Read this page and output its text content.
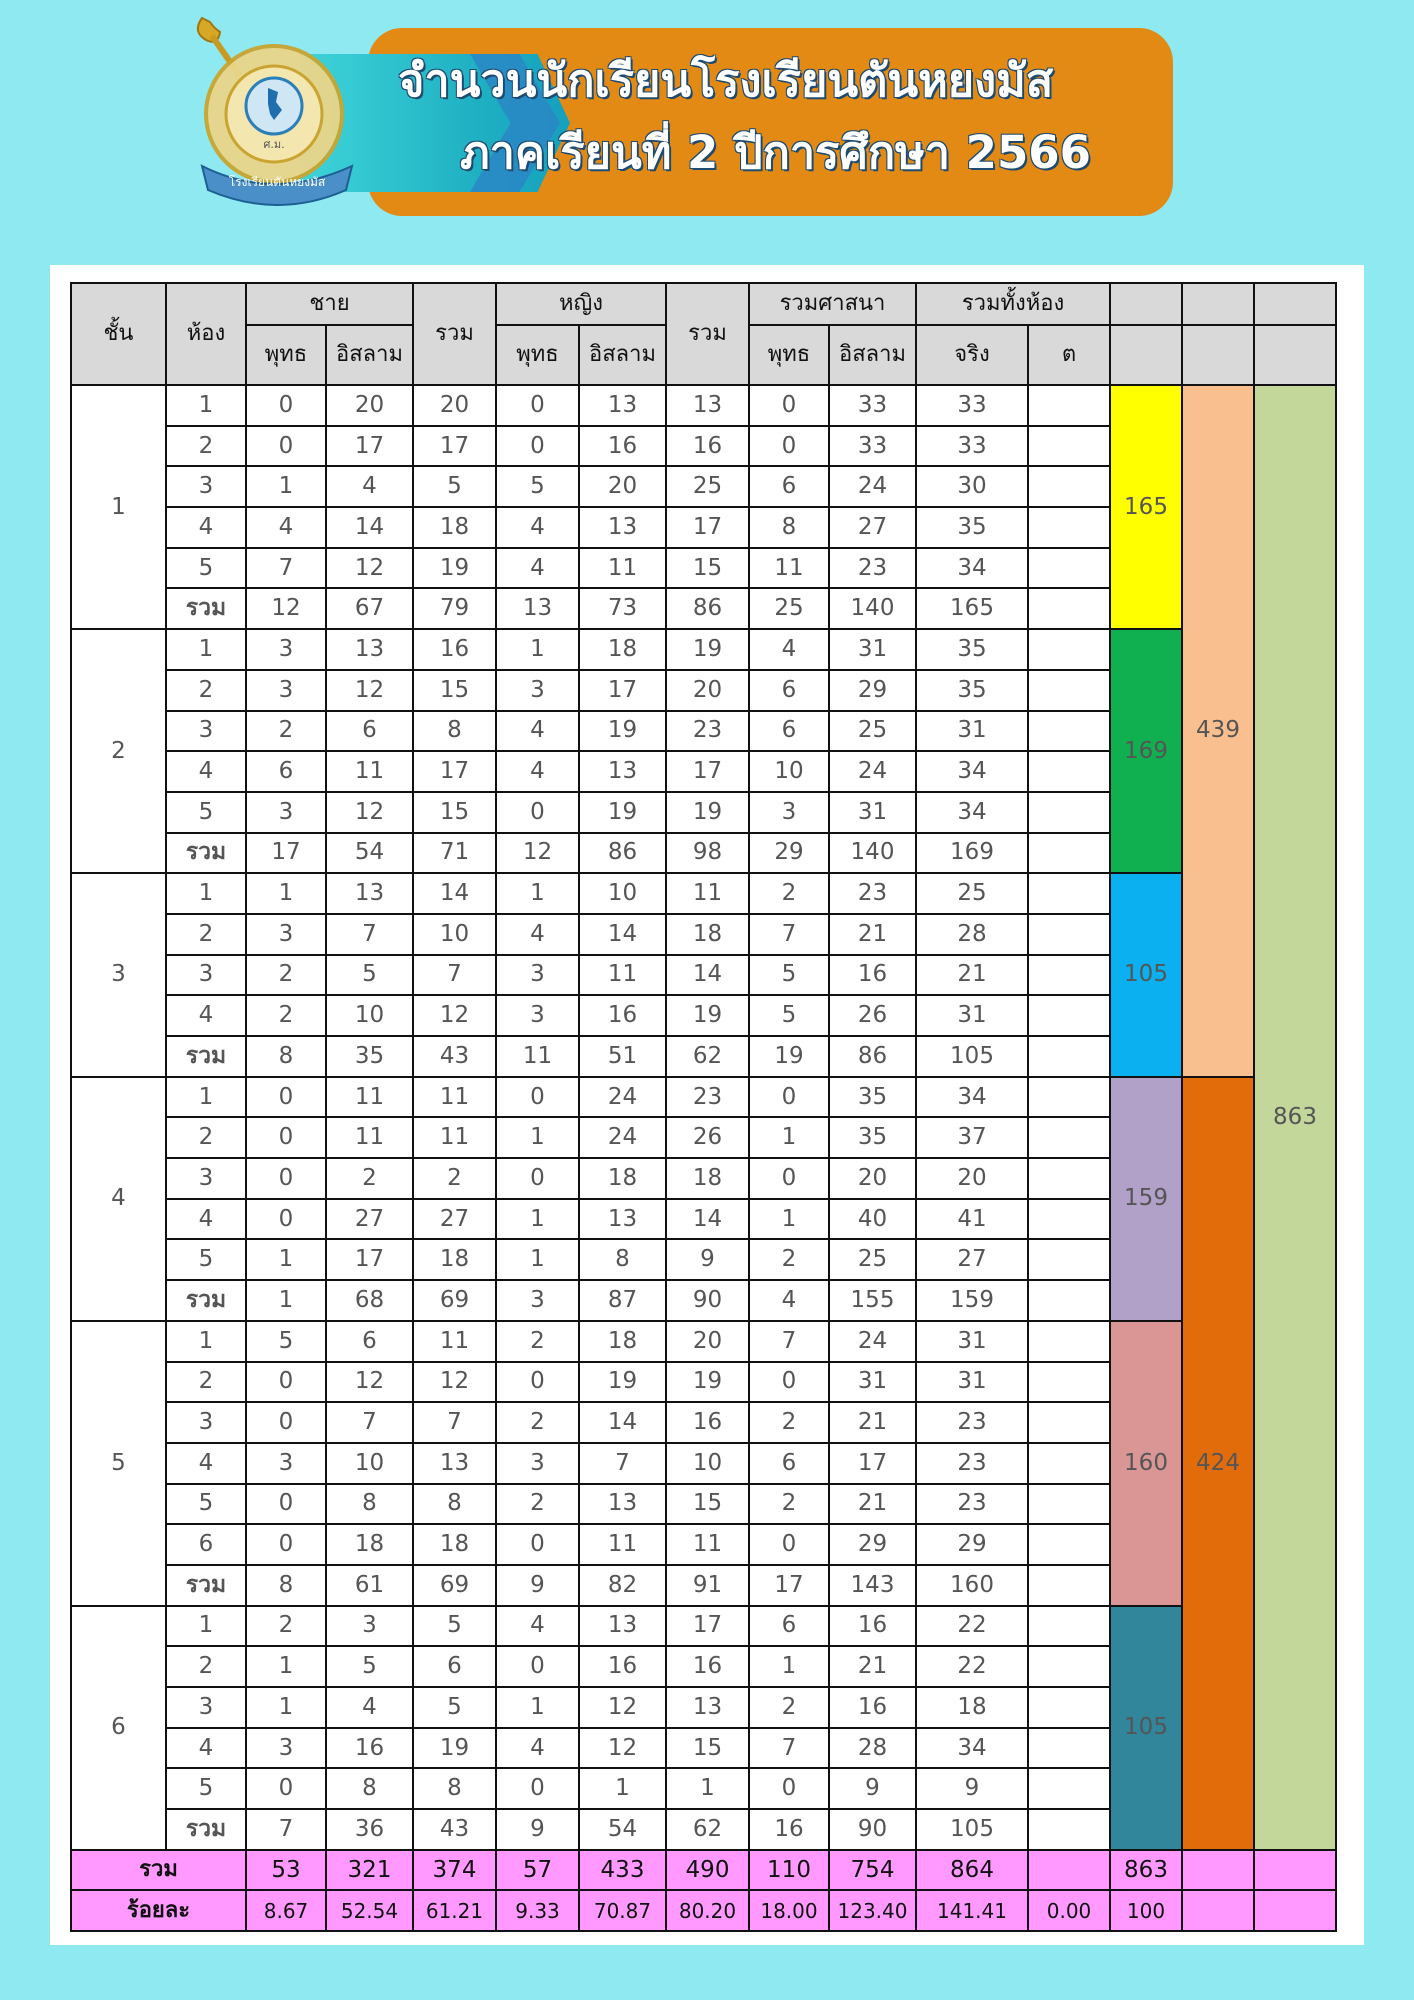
ศ.ม.
โรงเรียนตันหยงมัส
จำนวนนักเรียนโรงเรียนตันหยงมัส
ภาคเรียนที่ 2 ปีการศึกษา 2566
ชั้น	ห้อง	ชาย		รวม	หญิง		รวม	รวมศาสนา		รวมทั้งห้อง				
		พุทธ	อิสลาม		พุทธ	อิสลาม		พุทธ	อิสลาม	จริง	ต			
1	1	0	20	20	0	13	13	0	33	33		165	439	863
	2	0	17	17	0	16	16	0	33	33				
	3	1	4	5	5	20	25	6	24	30				
	4	4	14	18	4	13	17	8	27	35				
	5	7	12	19	4	11	15	11	23	34				
	รวม	12	67	79	13	73	86	25	140	165				
2	1	3	13	16	1	18	19	4	31	35		169		
	2	3	12	15	3	17	20	6	29	35				
	3	2	6	8	4	19	23	6	25	31				
	4	6	11	17	4	13	17	10	24	34				
	5	3	12	15	0	19	19	3	31	34				
	รวม	17	54	71	12	86	98	29	140	169				
3	1	1	13	14	1	10	11	2	23	25		105		
	2	3	7	10	4	14	18	7	21	28				
	3	2	5	7	3	11	14	5	16	21				
	4	2	10	12	3	16	19	5	26	31				
	รวม	8	35	43	11	51	62	19	86	105				
4	1	0	11	11	0	24	23	0	35	34		159	424	
	2	0	11	11	1	24	26	1	35	37				
	3	0	2	2	0	18	18	0	20	20				
	4	0	27	27	1	13	14	1	40	41				
	5	1	17	18	1	8	9	2	25	27				
	รวม	1	68	69	3	87	90	4	155	159				
5	1	5	6	11	2	18	20	7	24	31		160		
	2	0	12	12	0	19	19	0	31	31				
	3	0	7	7	2	14	16	2	21	23				
	4	3	10	13	3	7	10	6	17	23				
	5	0	8	8	2	13	15	2	21	23				
	6	0	18	18	0	11	11	0	29	29				
	รวม	8	61	69	9	82	91	17	143	160				
6	1	2	3	5	4	13	17	6	16	22		105		
	2	1	5	6	0	16	16	1	21	22				
	3	1	4	5	1	12	13	2	16	18				
	4	3	16	19	4	12	15	7	28	34				
	5	0	8	8	0	1	1	0	9	9				
	รวม	7	36	43	9	54	62	16	90	105				
รวม		53	321	374	57	433	490	110	754	864		863		
ร้อยละ		8.67	52.54	61.21	9.33	70.87	80.20	18.00	123.40	141.41	0.00	100		
